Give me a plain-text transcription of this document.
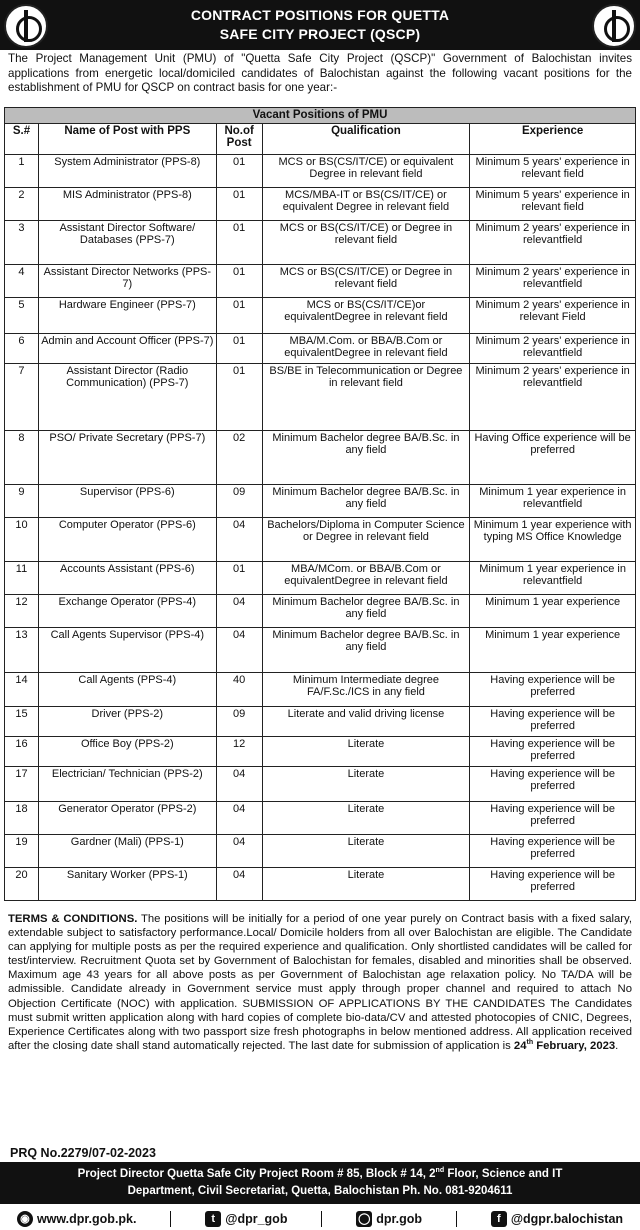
CONTRACT POSITIONS FOR QUETTA
SAFE CITY PROJECT (QSCP)

The Project Management Unit (PMU) of "Quetta Safe City Project (QSCP)" Government of Balochistan invites applications from energetic local/domiciled candidates of Balochistan against the following vacant positions for the establishment of PMU for QSCP on contract basis for one year:-

Vacant Positions of PMU				
S.#	Name of Post with PPS	No.of Post	Qualification	Experience
1	System Administrator (PPS-8)	01	MCS or BS(CS/IT/CE) or equivalent Degree in relevant field	Minimum 5 years' experience in relevant field
2	MIS Administrator (PPS-8)	01	MCS/MBA-IT or BS(CS/IT/CE) or equivalent Degree in relevant field	Minimum 5 years' experience in relevant field
3	Assistant Director Software/ Databases (PPS-7)	01	MCS or BS(CS/IT/CE) or Degree in relevant field	Minimum 2 years' experience in relevantfield
4	Assistant Director Networks (PPS-7)	01	MCS or BS(CS/IT/CE) or Degree in relevant field	Minimum 2 years' experience in relevantfield
5	Hardware Engineer (PPS-7)	01	MCS or BS(CS/IT/CE)or equivalentDegree in relevant field	Minimum 2 years' experience in relevant Field
6	Admin and Account Officer (PPS-7)	01	MBA/M.Com. or BBA/B.Com or equivalentDegree in relevant field	Minimum 2 years' experience in relevantfield
7	Assistant Director (Radio Communication) (PPS-7)	01	BS/BE in Telecommunication or Degree in relevant field	Minimum 2 years' experience in relevantfield
8	PSO/ Private Secretary (PPS-7)	02	Minimum Bachelor degree BA/B.Sc. in any field	Having Office experience will be preferred
9	Supervisor (PPS-6)	09	Minimum Bachelor degree BA/B.Sc. in any field	Minimum 1 year experience in relevantfield
10	Computer Operator (PPS-6)	04	Bachelors/Diploma in Computer Science or Degree in relevant field	Minimum 1 year experience with typing MS Office Knowledge
11	Accounts Assistant (PPS-6)	01	MBA/MCom. or BBA/B.Com or equivalentDegree in relevant field	Minimum 1 year experience in relevantfield
12	Exchange Operator (PPS-4)	04	Minimum Bachelor degree BA/B.Sc. in any field	Minimum 1 year experience
13	Call Agents Supervisor (PPS-4)	04	Minimum Bachelor degree BA/B.Sc. in any field	Minimum 1 year experience
14	Call Agents (PPS-4)	40	Minimum Intermediate degree FA/F.Sc./ICS in any field	Having experience will be preferred
15	Driver (PPS-2)	09	Literate and valid driving license	Having experience will be preferred
16	Office Boy (PPS-2)	12	Literate	Having experience will be preferred
17	Electrician/ Technician (PPS-2)	04	Literate	Having experience will be preferred
18	Generator Operator (PPS-2)	04	Literate	Having experience will be preferred
19	Gardner (Mali) (PPS-1)	04	Literate	Having experience will be preferred
20	Sanitary Worker (PPS-1)	04	Literate	Having experience will be preferred

TERMS & CONDITIONS. The positions will be initially for a period of one year purely on Contract basis with a fixed salary, extendable subject to satisfactory performance.Local/ Domicile holders from all over Balochistan are eligible. The Candidate can applying for multiple posts as per the required experience and qualification. Only shortlisted candidates will be called for test/interview. Recruitment Quota set by Government of Balochistan for females, disabled and minorities shall be observed. Maximum age 43 years for all above posts as per Government of Balochistan age relaxation policy. No TA/DA will be admissible. Candidate already in Government service must apply through proper channel and required to attach No Objection Certificate (NOC) with application. SUBMISSION OF APPLICATIONS BY THE CANDIDATES The Candidates must submit written application along with hard copies of complete bio-data/CV and attested photocopies of CNIC, Degrees, Experience Certificates along with two passport size fresh photographs in below mentioned address. All application received after the closing date shall stand automatically rejected. The last date for submission of application is 24th February, 2023.

PRQ No.2279/07-02-2023
Project Director Quetta Safe City Project Room # 85, Block # 14, 2nd Floor, Science and IT
Department, Civil Secretariat, Quetta, Balochistan Ph. No. 081-9204611
◉ www.dpr.gob.pk.	t @dpr_gob	◯ dpr.gob	f @dgpr.balochistan
